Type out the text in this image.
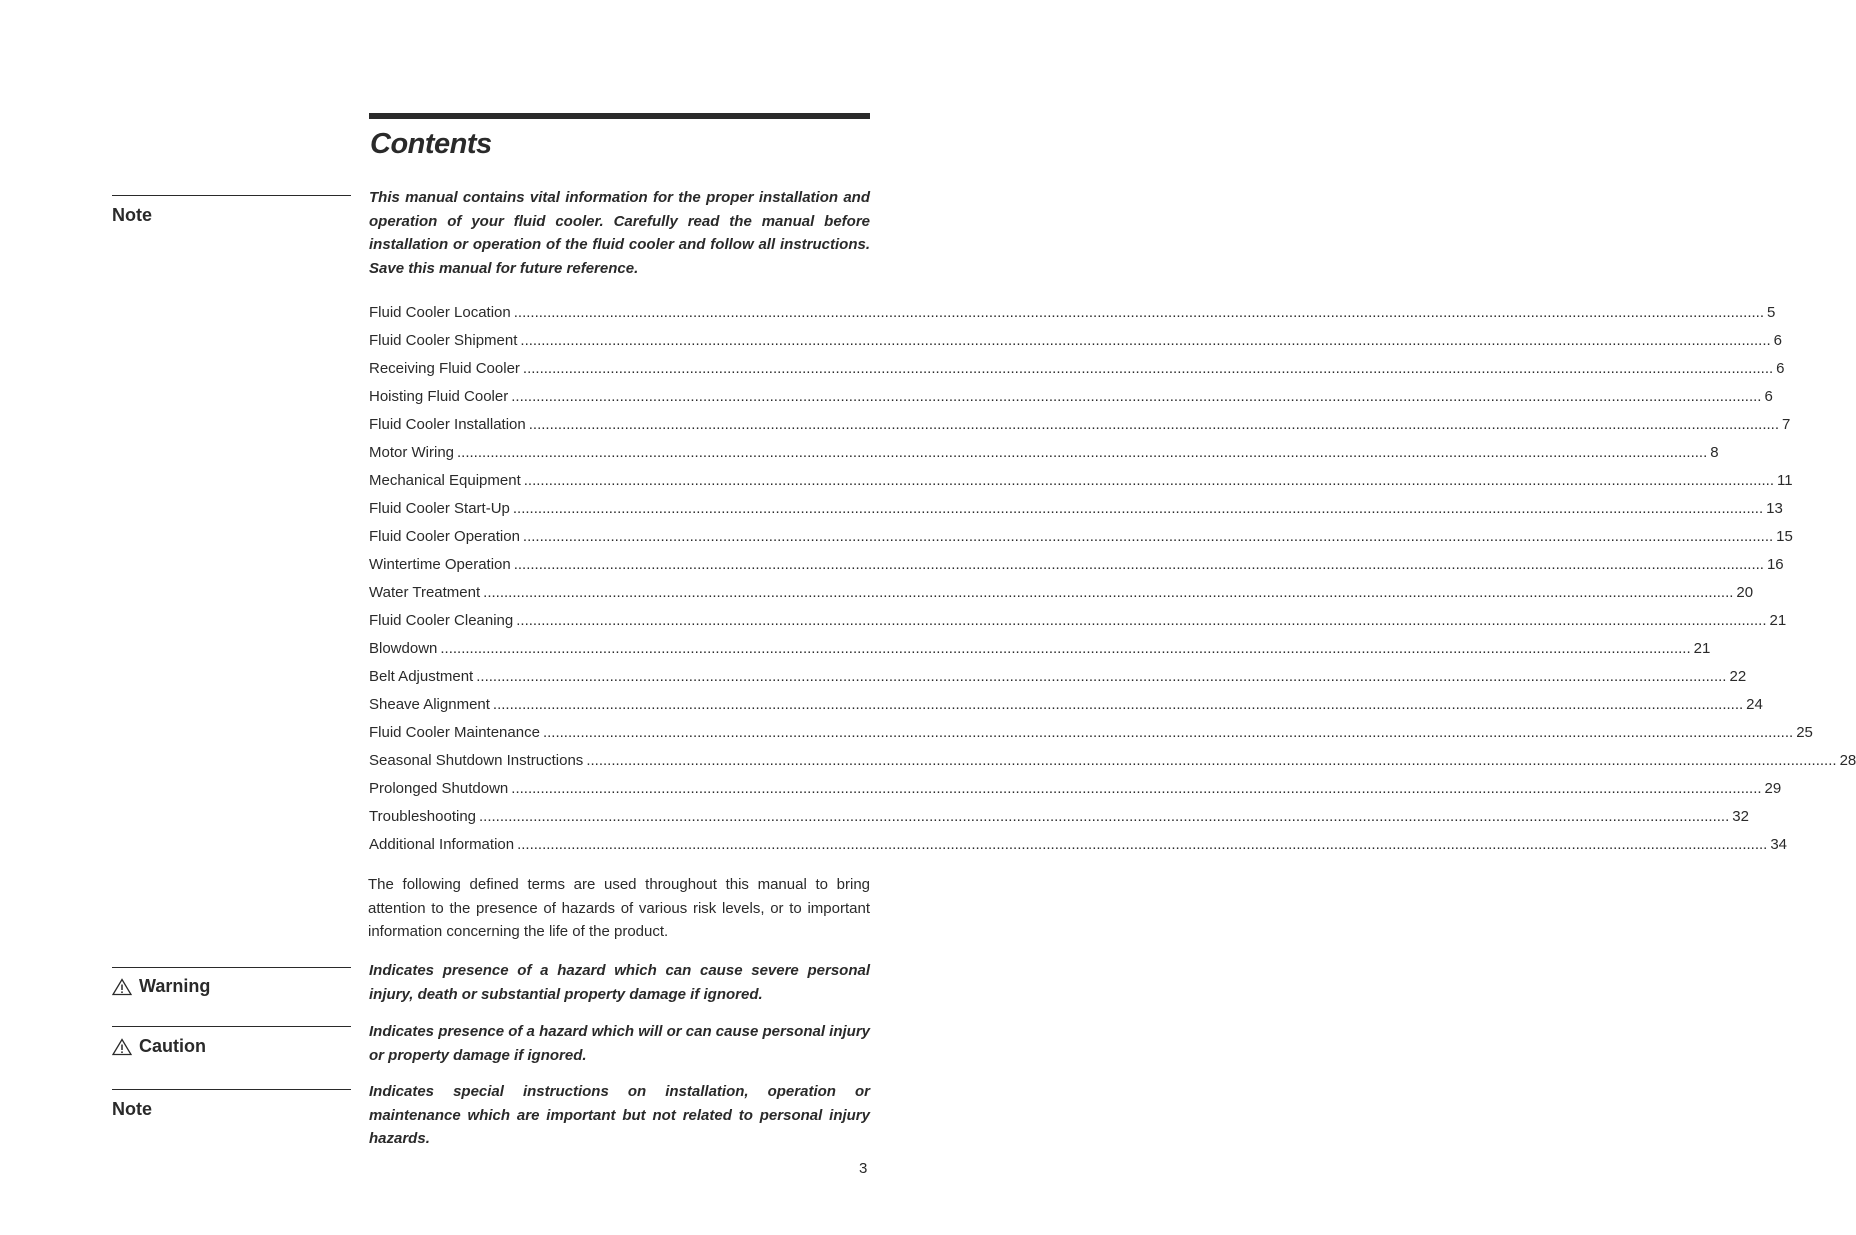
Contents
Note
This manual contains vital information for the proper installation and operation of your fluid cooler. Carefully read the manual before installation or operation of the fluid cooler and follow all instructions. Save this manual for future reference.
Fluid Cooler Location ............................................................................................................................................................................................................................................................................................................ 5
Fluid Cooler Shipment ............................................................................................................................................................................................................................................................................................................ 6
Receiving Fluid Cooler ............................................................................................................................................................................................................................................................................................................ 6
Hoisting Fluid Cooler ............................................................................................................................................................................................................................................................................................................ 6
Fluid Cooler Installation ............................................................................................................................................................................................................................................................................................................ 7
Motor Wiring ............................................................................................................................................................................................................................................................................................................ 8
Mechanical Equipment ............................................................................................................................................................................................................................................................................................................ 11
Fluid Cooler Start-Up ............................................................................................................................................................................................................................................................................................................ 13
Fluid Cooler Operation ............................................................................................................................................................................................................................................................................................................ 15
Wintertime Operation ............................................................................................................................................................................................................................................................................................................ 16
Water Treatment ............................................................................................................................................................................................................................................................................................................ 20
Fluid Cooler Cleaning ............................................................................................................................................................................................................................................................................................................ 21
Blowdown ............................................................................................................................................................................................................................................................................................................ 21
Belt Adjustment ............................................................................................................................................................................................................................................................................................................ 22
Sheave Alignment ............................................................................................................................................................................................................................................................................................................ 24
Fluid Cooler Maintenance ............................................................................................................................................................................................................................................................................................................ 25
Seasonal Shutdown Instructions ............................................................................................................................................................................................................................................................................................................ 28
Prolonged Shutdown ............................................................................................................................................................................................................................................................................................................ 29
Troubleshooting ............................................................................................................................................................................................................................................................................................................ 32
Additional Information ............................................................................................................................................................................................................................................................................................................ 34
The following defined terms are used throughout this manual to bring attention to the presence of hazards of various risk levels, or to important information concerning the life of the product.
Warning
Indicates presence of a hazard which can cause severe personal injury, death or substantial property damage if ignored.
Caution
Indicates presence of a hazard which will or can cause personal injury or property damage if ignored.
Note
Indicates special instructions on installation, operation or maintenance which are important but not related to personal injury hazards.
3
